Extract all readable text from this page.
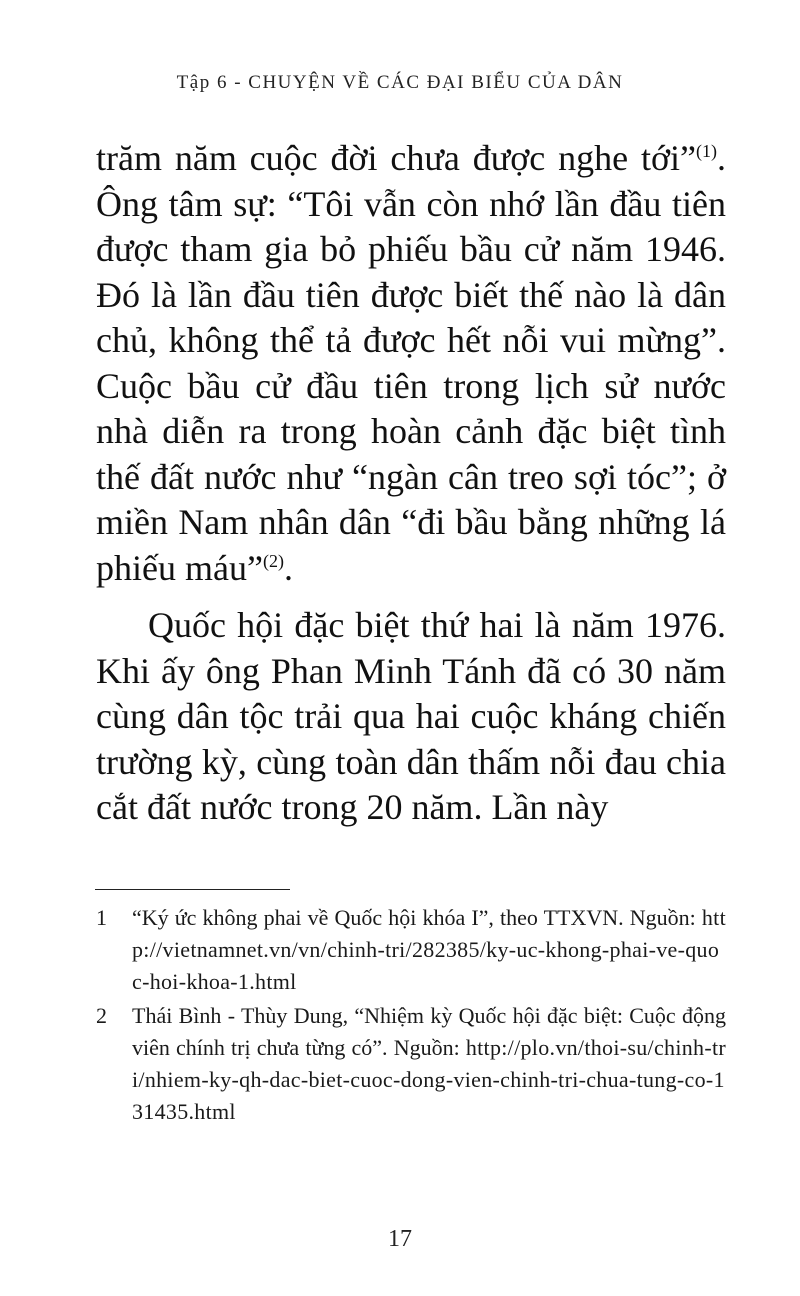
Tập 6 - CHUYỆN VỀ CÁC ĐẠI BIỂU CỦA DÂN

trăm năm cuộc đời chưa được nghe tới”$^{(1)}$. Ông tâm sự: “Tôi vẫn còn nhớ lần đầu tiên được tham gia bỏ phiếu bầu cử năm 1946. Đó là lần đầu tiên được biết thế nào là dân chủ, không thể tả được hết nỗi vui mừng”. Cuộc bầu cử đầu tiên trong lịch sử nước nhà diễn ra trong hoàn cảnh đặc biệt tình thế đất nước như “ngàn cân treo sợi tóc”; ở miền Nam nhân dân “đi bầu bằng những lá phiếu máu”$^{(2)}$.

Quốc hội đặc biệt thứ hai là năm 1976. Khi ấy ông Phan Minh Tánh đã có 30 năm cùng dân tộc trải qua hai cuộc kháng chiến trường kỳ, cùng toàn dân thấm nỗi đau chia cắt đất nước trong 20 năm. Lần này

1	“Ký ức không phai về Quốc hội khóa I”, theo TTXVN. Nguồn: http://vietnamnet.vn/vn/chinh-tri/282385/ky-uc-khong-phai-ve-quoc-hoi-khoa-1.html
2	Thái Bình - Thùy Dung, “Nhiệm kỳ Quốc hội đặc biệt: Cuộc động viên chính trị chưa từng có”. Nguồn: http://plo.vn/thoi-su/chinh-tri/nhiem-ky-qh-dac-biet-cuoc-dong-vien-chinh-tri-chua-tung-co-131435.html
17
